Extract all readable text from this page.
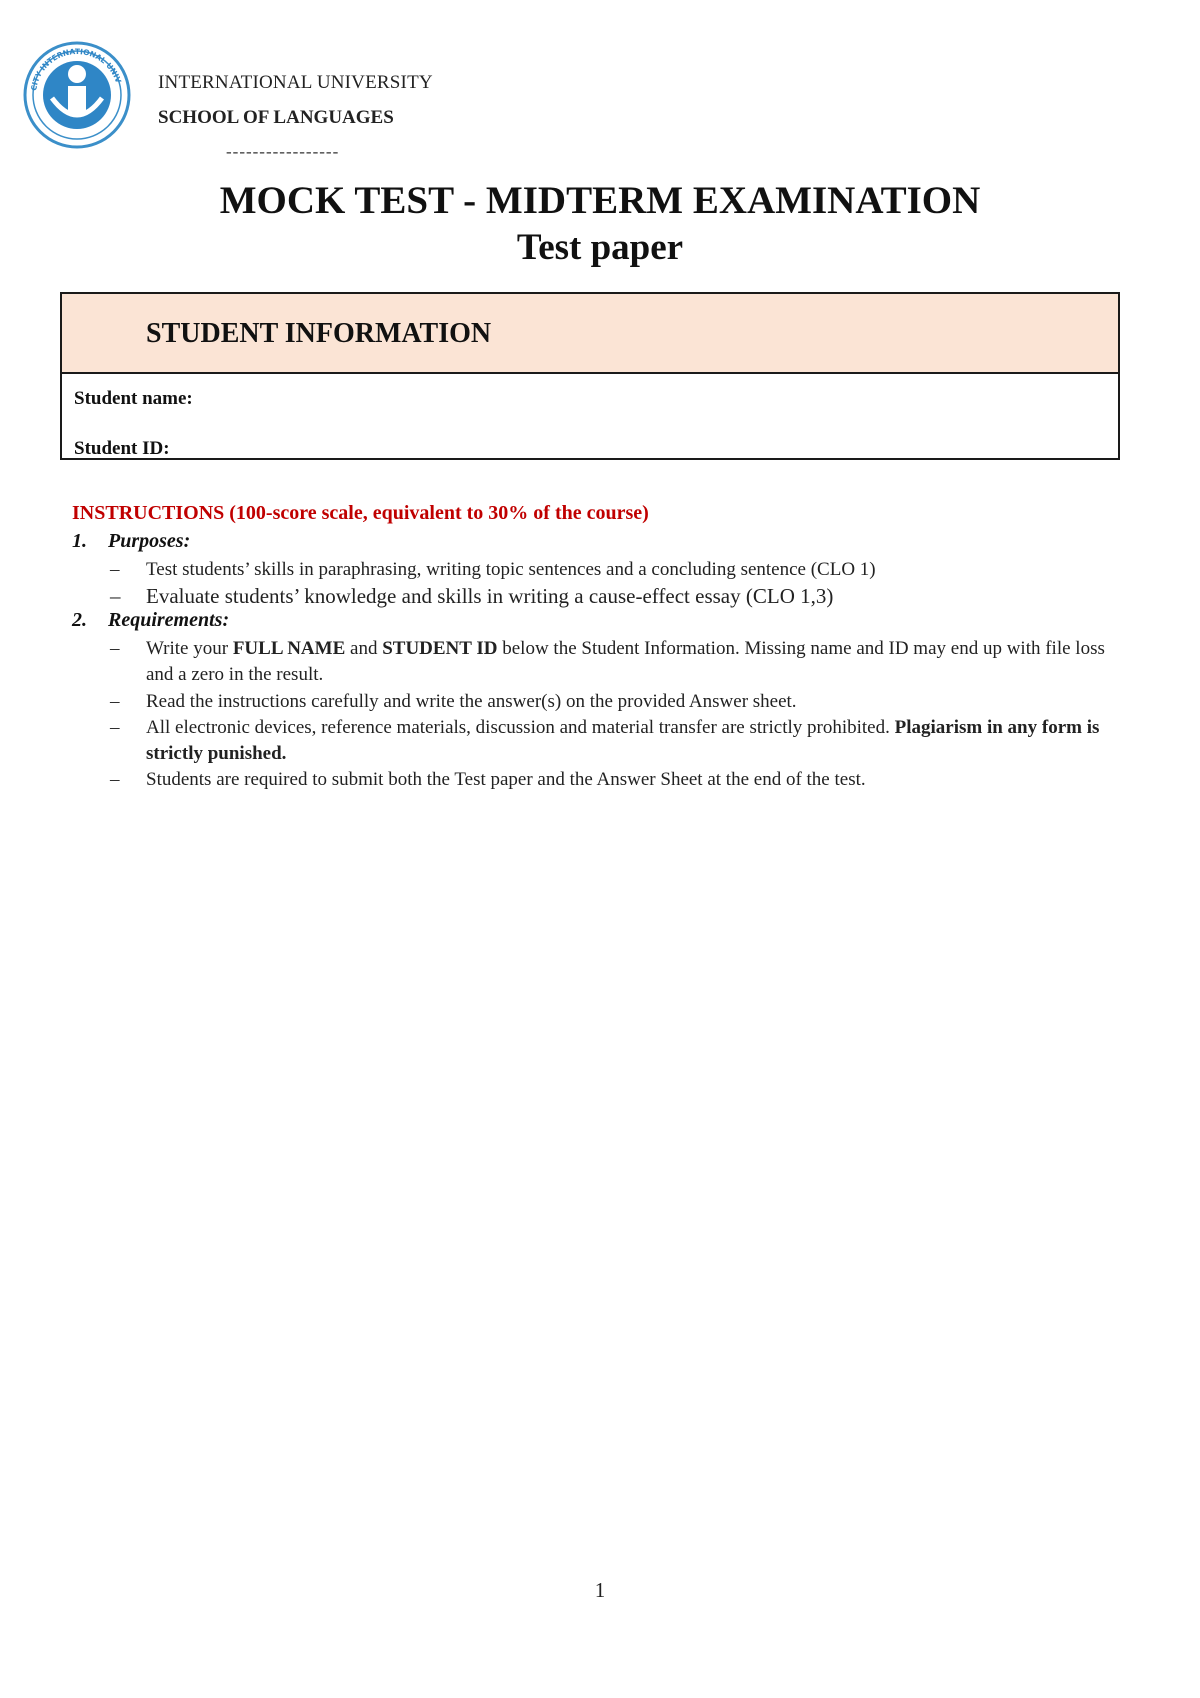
CITY INTERNATIONAL UNIV INTERNATIONAL UNIVERSITY
SCHOOL OF LANGUAGES
-----------------
MOCK TEST - MIDTERM EXAMINATION
Test paper
STUDENT INFORMATION
Student name:
Student ID:
INSTRUCTIONS (100-score scale, equivalent to 30% of the course)
1. Purposes:
– Test students’ skills in paraphrasing, writing topic sentences and a concluding sentence (CLO 1)
– Evaluate students’ knowledge and skills in writing a cause-effect essay (CLO 1,3)
2. Requirements:
– Write your FULL NAME and STUDENT ID below the Student Information. Missing name and ID may end up with file loss and a zero in the result.
– Read the instructions carefully and write the answer(s) on the provided Answer sheet.
– All electronic devices, reference materials, discussion and material transfer are strictly prohibited. Plagiarism in any form is strictly punished.
– Students are required to submit both the Test paper and the Answer Sheet at the end of the test.
1
